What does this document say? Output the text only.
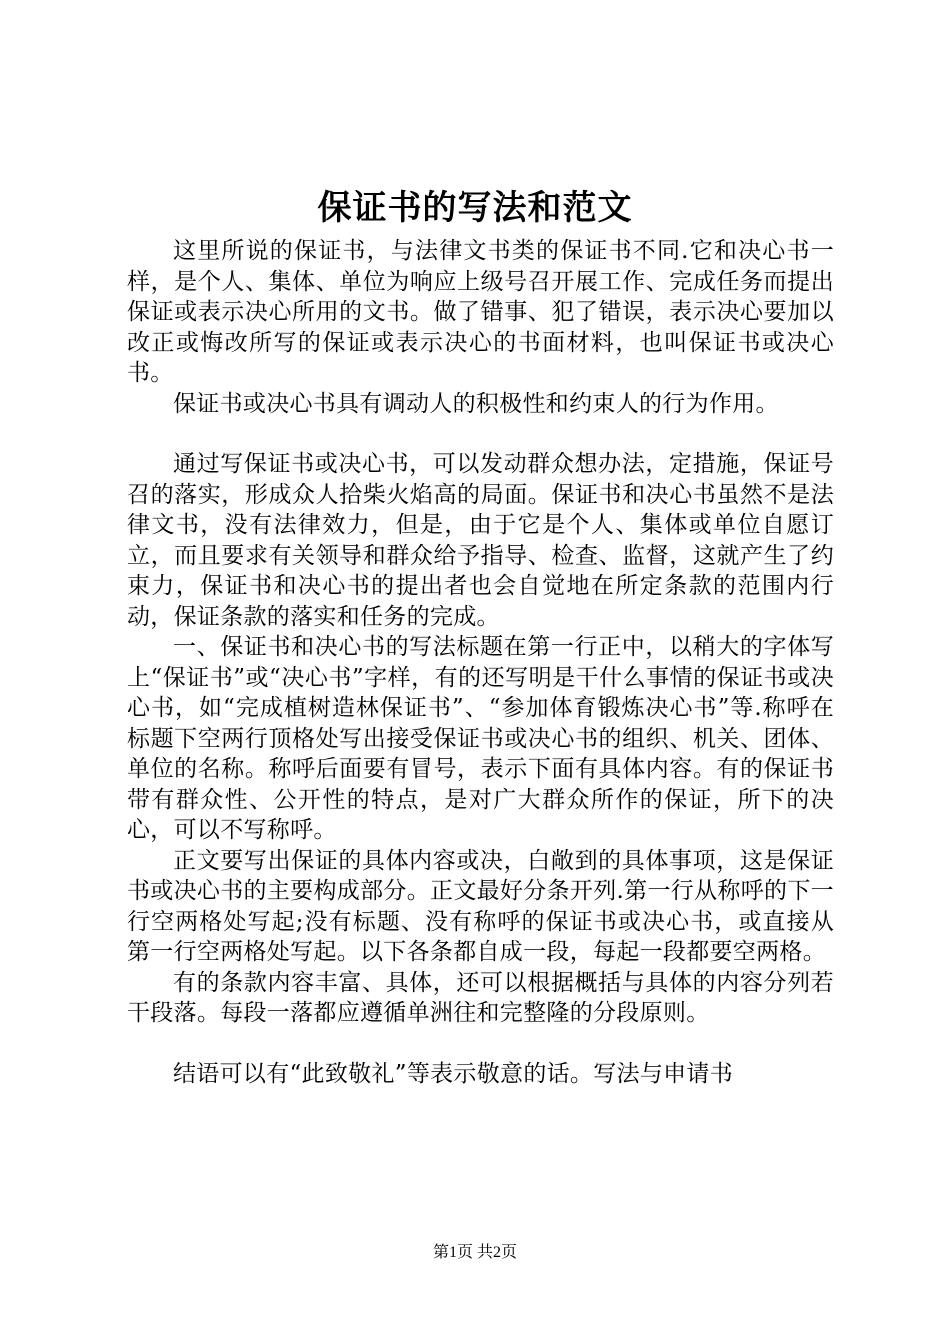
保证书的写法和范文

这里所说的保证书，与法律文书类的保证书不同.它和决心书一样，是个人、集体、单位为响应上级号召开展工作、完成任务而提出保证或表示决心所用的文书。做了错事、犯了错误，表示决心要加以改正或悔改所写的保证或表示决心的书面材料，也叫保证书或决心书。

保证书或决心书具有调动人的积极性和约束人的行为作用。

通过写保证书或决心书，可以发动群众想办法，定措施，保证号召的落实，形成众人拾柴火焰高的局面。保证书和决心书虽然不是法律文书，没有法律效力，但是，由于它是个人、集体或单位自愿订立，而且要求有关领导和群众给予指导、检查、监督，这就产生了约束力，保证书和决心书的提出者也会自觉地在所定条款的范围内行动，保证条款的落实和任务的完成。

一、保证书和决心书的写法标题在第一行正中，以稍大的字体写上“保证书”或“决心书”字样，有的还写明是干什么事情的保证书或决心书，如“完成植树造林保证书”、“参加体育锻炼决心书”等.称呼在标题下空两行顶格处写出接受保证书或决心书的组织、机关、团体、单位的名称。称呼后面要有冒号，表示下面有具体内容。有的保证书带有群众性、公开性的特点，是对广大群众所作的保证，所下的决心，可以不写称呼。

正文要写出保证的具体内容或决，白敞到的具体事项，这是保证书或决心书的主要构成部分。正文最好分条开列.第一行从称呼的下一行空两格处写起;没有标题、没有称呼的保证书或决心书，或直接从第一行空两格处写起。以下各条都自成一段，每起一段都要空两格。

有的条款内容丰富、具体，还可以根据概括与具体的内容分列若干段落。每段一落都应遵循单洲往和完整隆的分段原则。

结语可以有“此致敬礼”等表示敬意的话。写法与申请书

第1页 共2页
